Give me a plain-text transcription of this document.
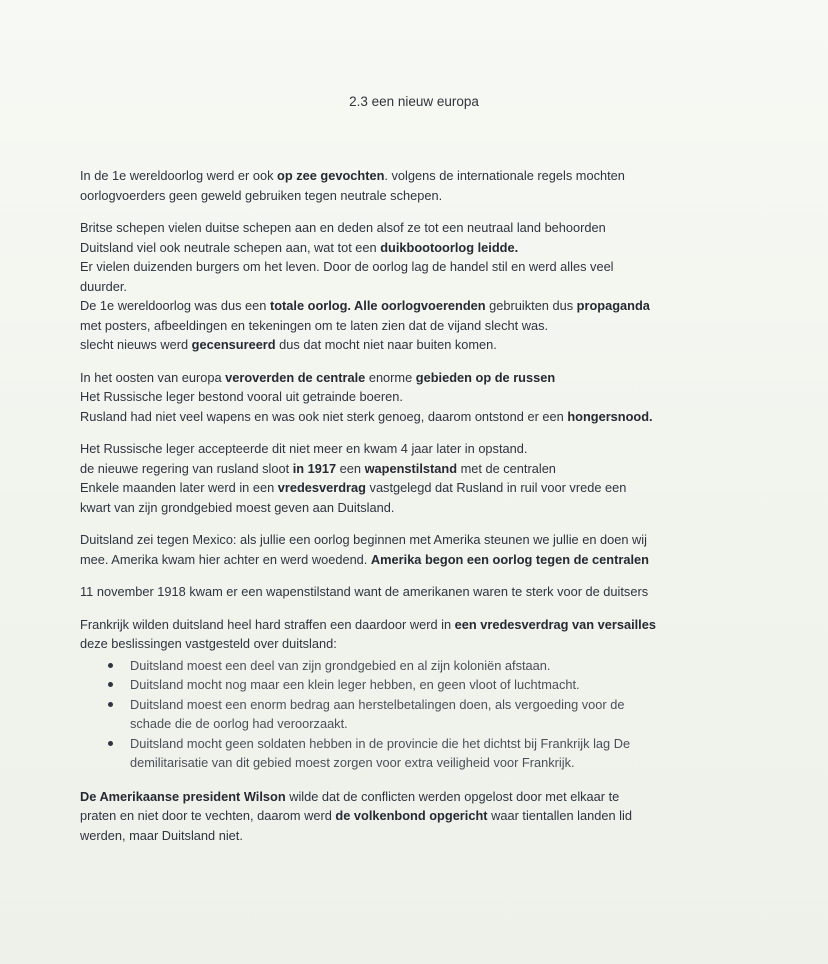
2.3 een nieuw europa
In de 1e wereldoorlog werd er ook op zee gevochten. volgens de internationale regels mochten
oorlogvoerders geen geweld gebruiken tegen neutrale schepen.
Britse schepen vielen duitse schepen aan en deden alsof ze tot een neutraal land behoorden
Duitsland viel ook neutrale schepen aan, wat tot een duikbootoorlog leidde.
Er vielen duizenden burgers om het leven. Door de oorlog lag de handel stil en werd alles veel
duurder.
De 1e wereldoorlog was dus een totale oorlog. Alle oorlogvoerenden gebruikten dus propaganda
met posters, afbeeldingen en tekeningen om te laten zien dat de vijand slecht was.
slecht nieuws werd gecensureerd dus dat mocht niet naar buiten komen.
In het oosten van europa veroverden de centrale enorme gebieden op de russen
Het Russische leger bestond vooral uit getrainde boeren.
Rusland had niet veel wapens en was ook niet sterk genoeg, daarom ontstond er een hongersnood.
Het Russische leger accepteerde dit niet meer en kwam 4 jaar later in opstand.
de nieuwe regering van rusland sloot in 1917 een wapenstilstand met de centralen
Enkele maanden later werd in een vredesverdrag vastgelegd dat Rusland in ruil voor vrede een
kwart van zijn grondgebied moest geven aan Duitsland.
Duitsland zei tegen Mexico: als jullie een oorlog beginnen met Amerika steunen we jullie en doen wij
mee. Amerika kwam hier achter en werd woedend. Amerika begon een oorlog tegen de centralen
11 november 1918 kwam er een wapenstilstand want de amerikanen waren te sterk voor de duitsers
Frankrijk wilden duitsland heel hard straffen een daardoor werd in een vredesverdrag van versailles
deze beslissingen vastgesteld over duitsland:
Duitsland moest een deel van zijn grondgebied en al zijn koloniën afstaan.
Duitsland mocht nog maar een klein leger hebben, en geen vloot of luchtmacht.
Duitsland moest een enorm bedrag aan herstelbetalingen doen, als vergoeding voor de
schade die de oorlog had veroorzaakt.
Duitsland mocht geen soldaten hebben in de provincie die het dichtst bij Frankrijk lag De
demilitarisatie van dit gebied moest zorgen voor extra veiligheid voor Frankrijk.
De Amerikaanse president Wilson wilde dat de conflicten werden opgelost door met elkaar te
praten en niet door te vechten, daarom werd de volkenbond opgericht waar tientallen landen lid
werden, maar Duitsland niet.
